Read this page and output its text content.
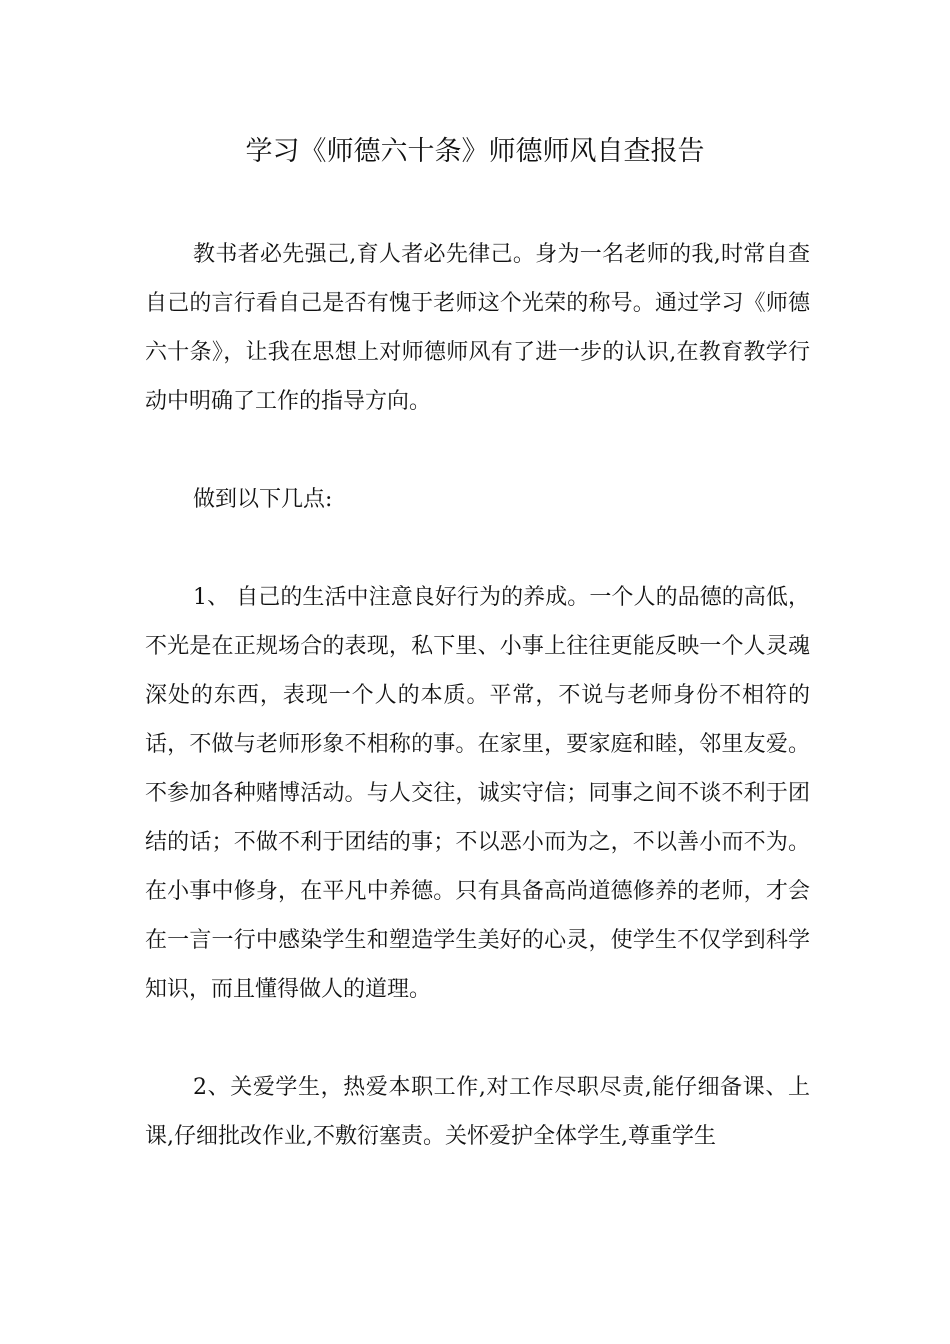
学习《师德六十条》师德师风自查报告

教书者必先强己,育人者必先律己。身为一名老师的我,时常自查自己的言行看自己是否有愧于老师这个光荣的称号。通过学习《师德六十条》，让我在思想上对师德师风有了进一步的认识,在教育教学行动中明确了工作的指导方向。

做到以下几点:

1、 自己的生活中注意良好行为的养成。一个人的品德的高低，不光是在正规场合的表现，私下里、小事上往往更能反映一个人灵魂深处的东西，表现一个人的本质。平常，不说与老师身份不相符的话，不做与老师形象不相称的事。在家里，要家庭和睦，邻里友爱。不参加各种赌博活动。与人交往，诚实守信；同事之间不谈不利于团结的话；不做不利于团结的事；不以恶小而为之，不以善小而不为。在小事中修身，在平凡中养德。只有具备高尚道德修养的老师，才会在一言一行中感染学生和塑造学生美好的心灵，使学生不仅学到科学知识，而且懂得做人的道理。

2、关爱学生，热爱本职工作,对工作尽职尽责,能仔细备课、上课,仔细批改作业,不敷衍塞责。关怀爱护全体学生,尊重学生
